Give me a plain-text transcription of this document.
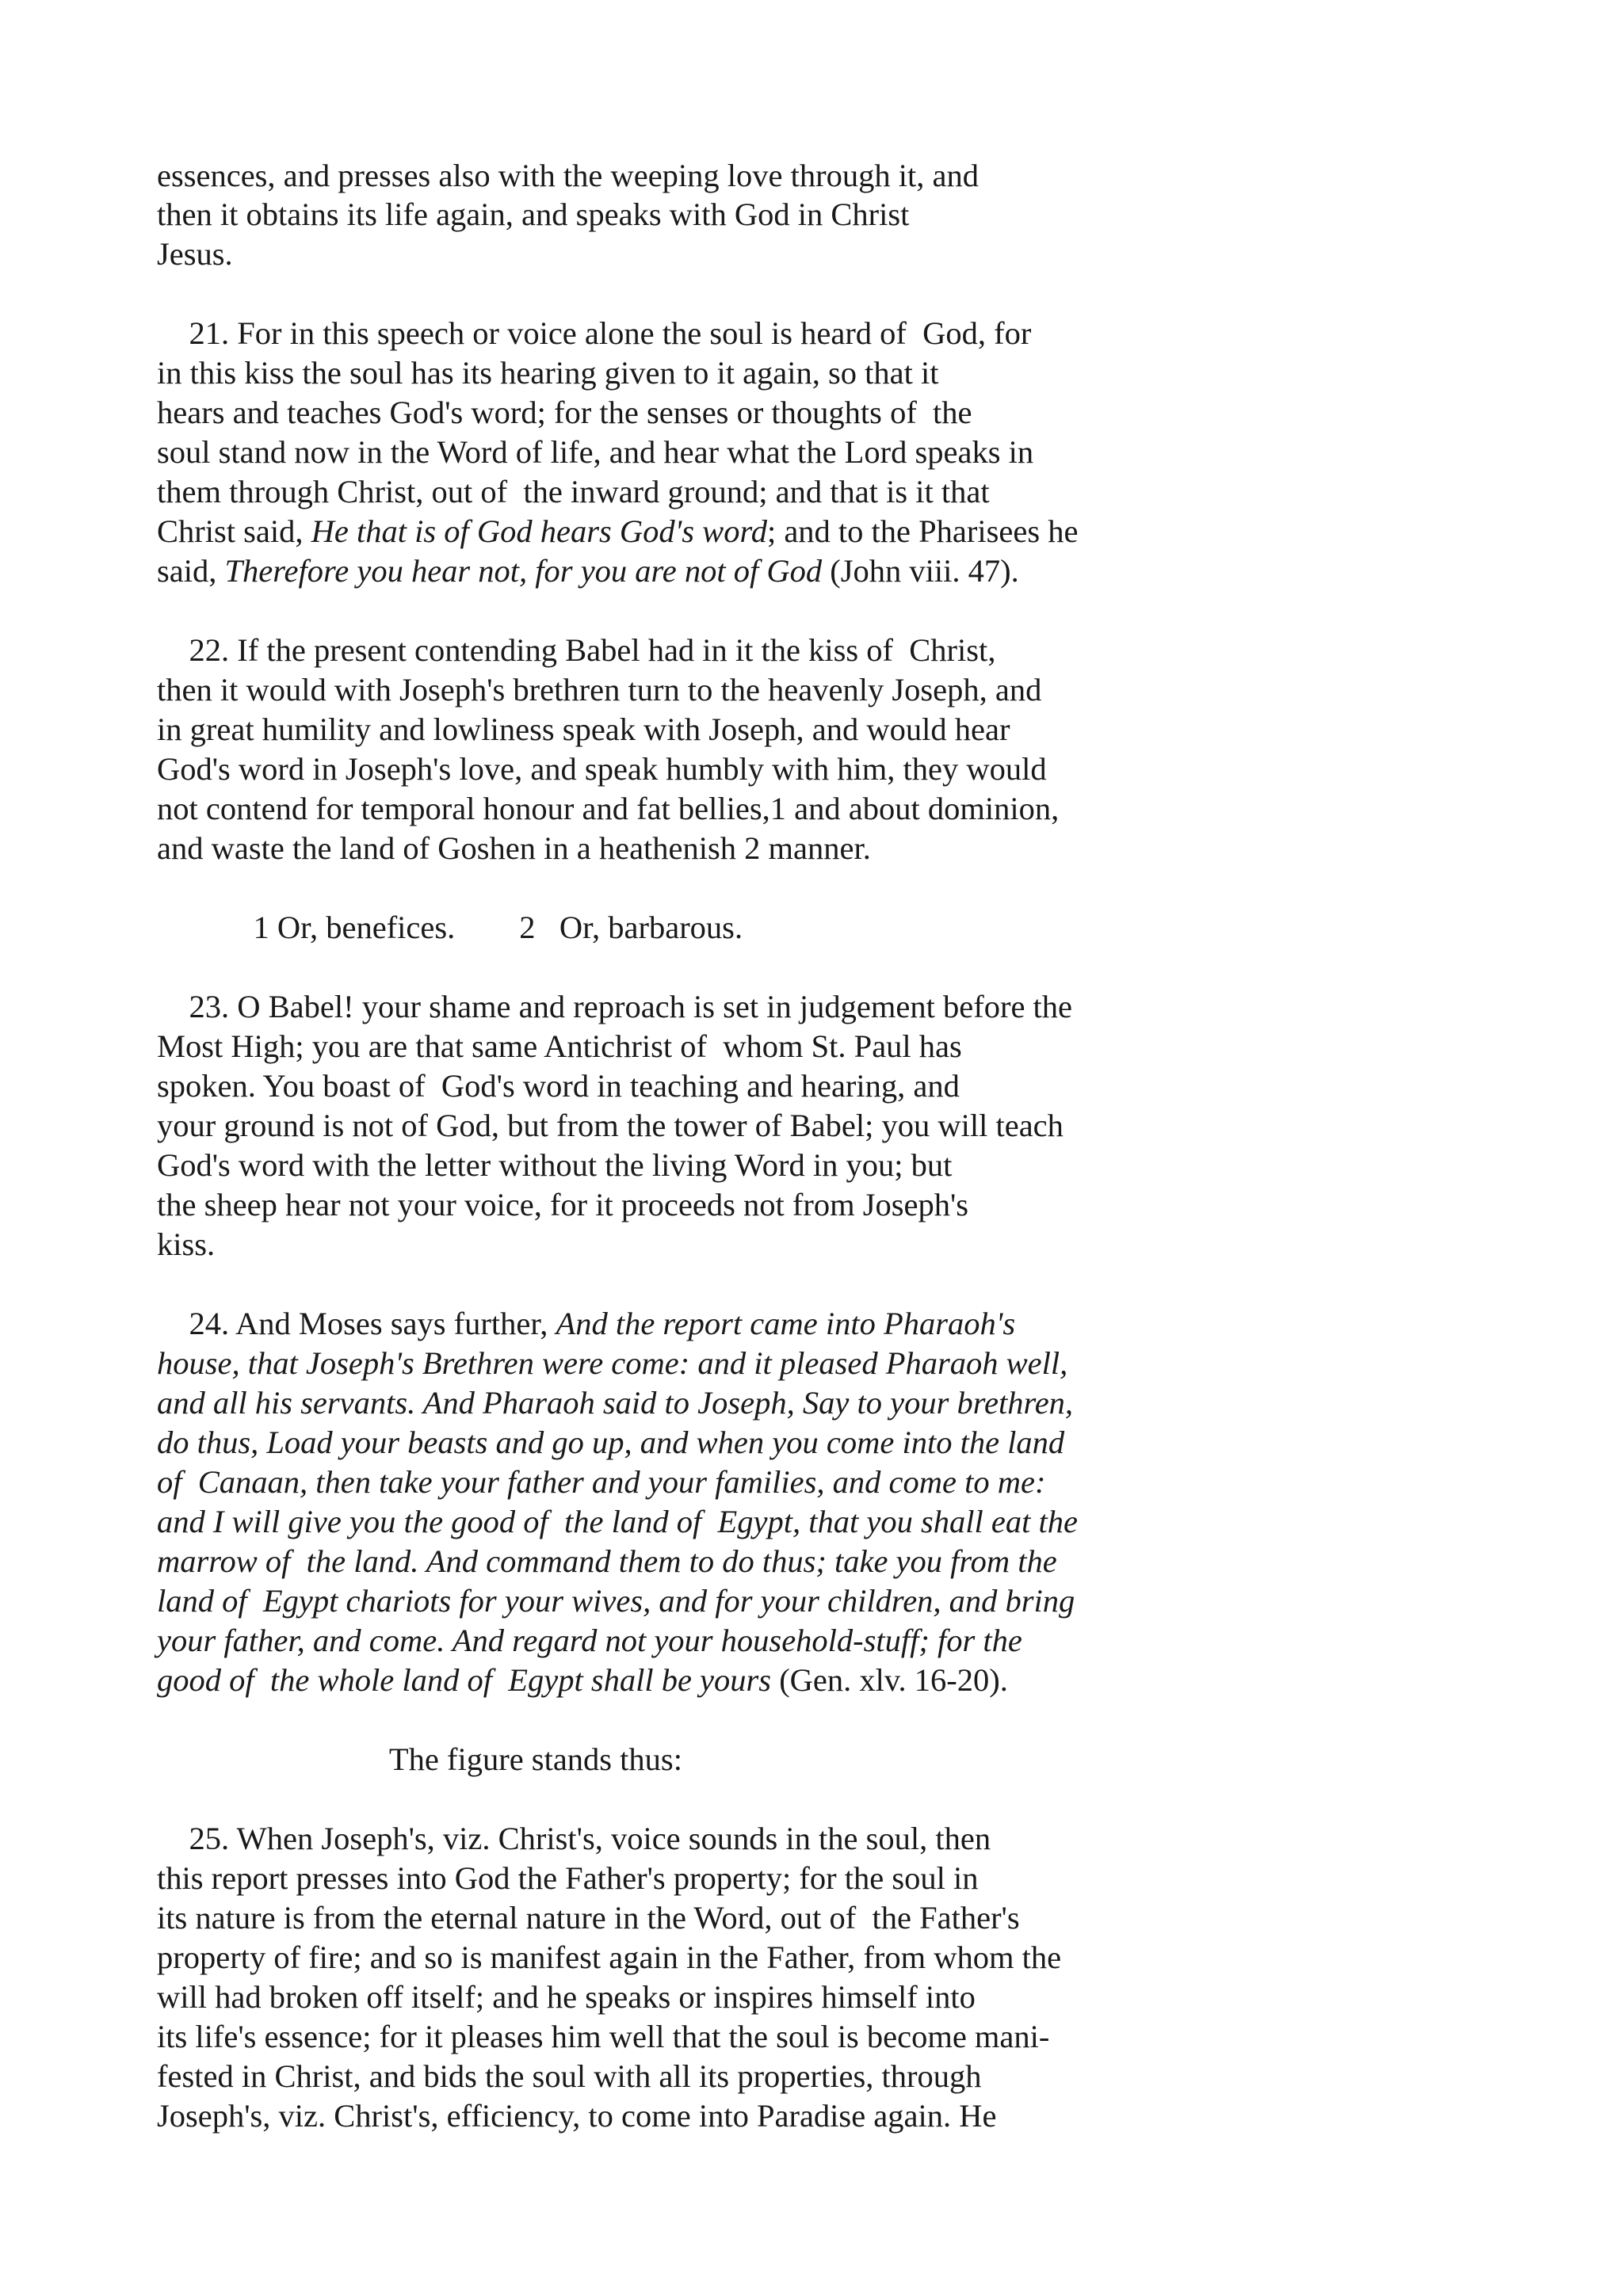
essences, and presses also with the weeping love through it, and
then it obtains its life again, and speaks with God in Christ
Jesus.
21. For in this speech or voice alone the soul is heard of  God, for
in this kiss the soul has its hearing given to it again, so that it
hears and teaches God's word; for the senses or thoughts of  the
soul stand now in the Word of life, and hear what the Lord speaks in
them through Christ, out of  the inward ground; and that is it that
Christ said, He that is of God hears God's word; and to the Pharisees he
said, Therefore you hear not, for you are not of God (John viii. 47).
22. If the present contending Babel had in it the kiss of  Christ,
then it would with Joseph's brethren turn to the heavenly Joseph, and
in great humility and lowliness speak with Joseph, and would hear
God's word in Joseph's love, and speak humbly with him, they would
not contend for temporal honour and fat bellies,1 and about dominion,
and waste the land of Goshen in a heathenish 2 manner.
1 Or, benefices.        2   Or, barbarous.
23. O Babel! your shame and reproach is set in judgement before the
Most High; you are that same Antichrist of  whom St. Paul has
spoken. You boast of  God's word in teaching and hearing, and
your ground is not of God, but from the tower of Babel; you will teach
God's word with the letter without the living Word in you; but
the sheep hear not your voice, for it proceeds not from Joseph's
kiss.
24. And Moses says further, And the report came into Pharaoh's
house, that Joseph's Brethren were come: and it pleased Pharaoh well,
and all his servants. And Pharaoh said to Joseph, Say to your brethren,
do thus, Load your beasts and go up, and when you come into the land
of  Canaan, then take your father and your families, and come to me:
and I will give you the good of  the land of  Egypt, that you shall eat the
marrow of  the land. And command them to do thus; take you from the
land of  Egypt chariots for your wives, and for your children, and bring
your father, and come. And regard not your household-stuff; for the
good of  the whole land of  Egypt shall be yours (Gen. xlv. 16-20).
The figure stands thus:
25. When Joseph's, viz. Christ's, voice sounds in the soul, then
this report presses into God the Father's property; for the soul in
its nature is from the eternal nature in the Word, out of  the Father's
property of fire; and so is manifest again in the Father, from whom the
will had broken off itself; and he speaks or inspires himself into
its life's essence; for it pleases him well that the soul is become mani-
fested in Christ, and bids the soul with all its properties, through
Joseph's, viz. Christ's, efficiency, to come into Paradise again. He
